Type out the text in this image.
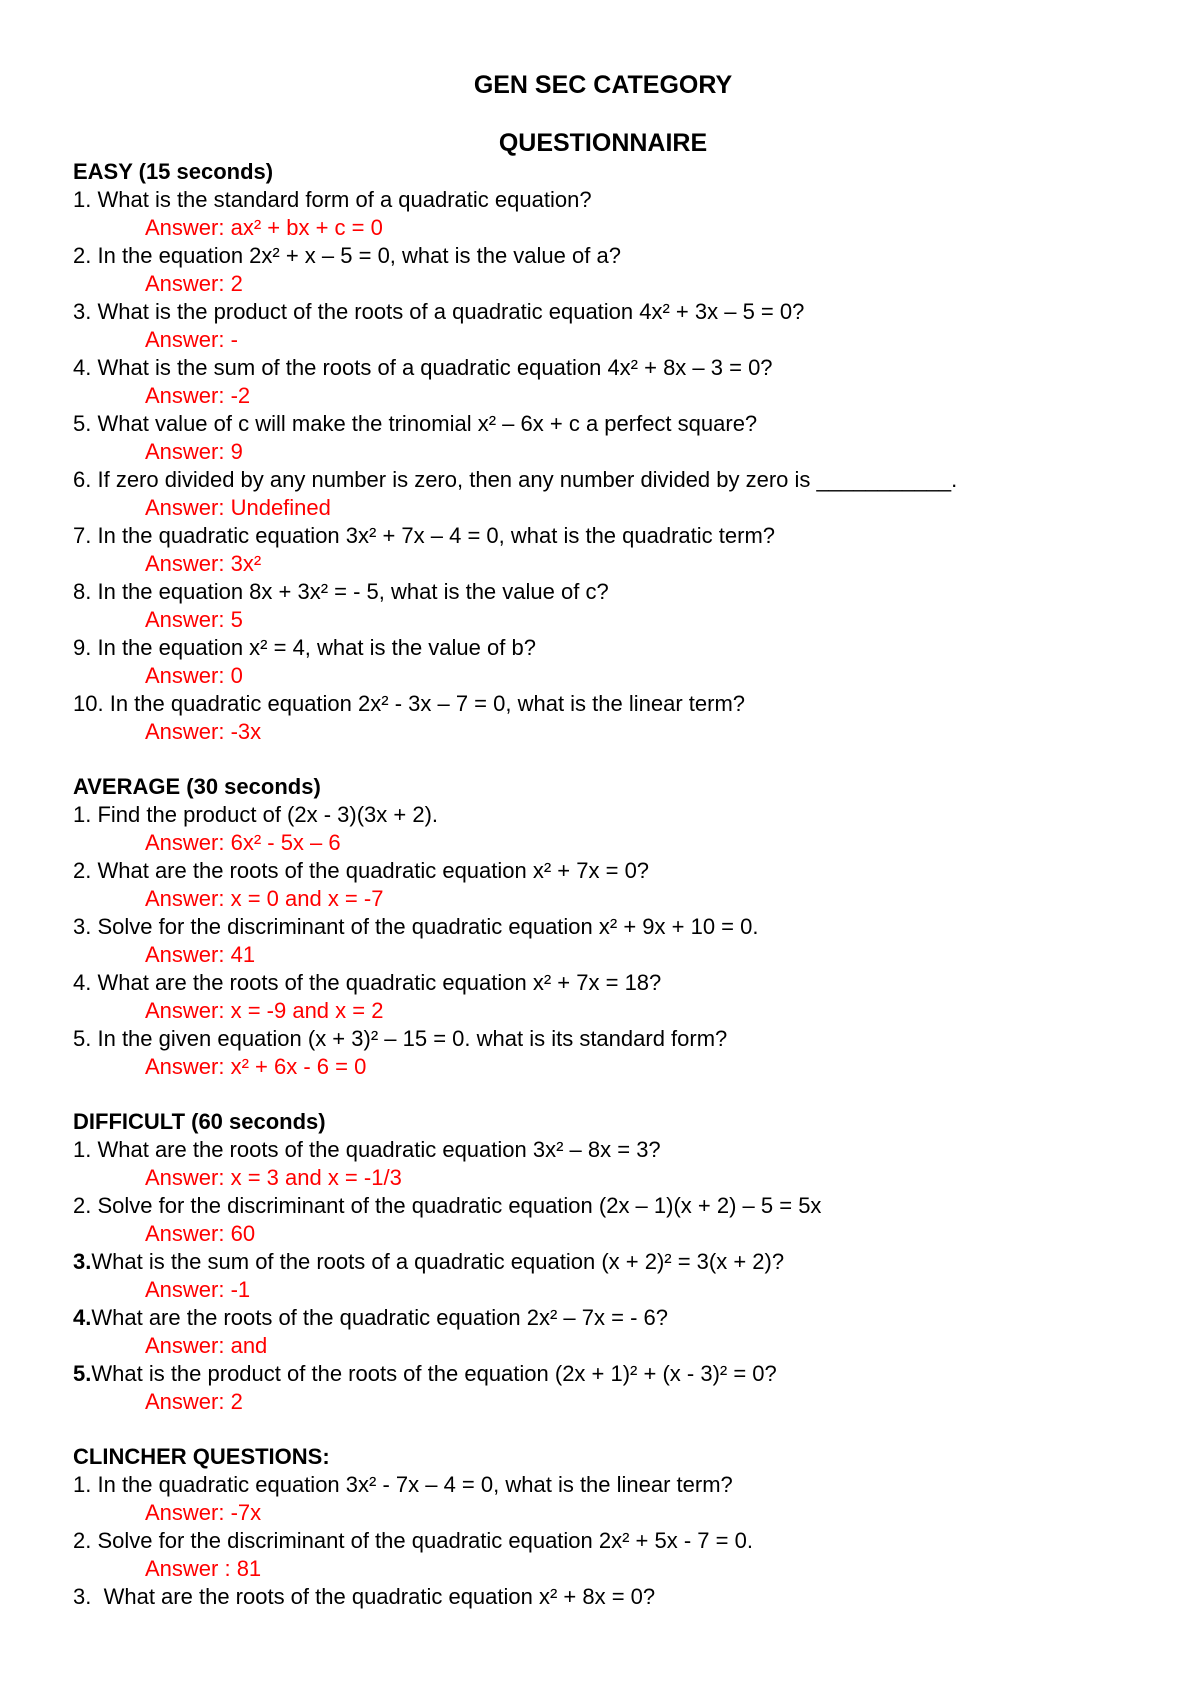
GEN SEC CATEGORY
QUESTIONNAIRE
EASY (15 seconds)
1. What is the standard form of a quadratic equation?
Answer: ax² + bx + c = 0
2. In the equation 2x² + x – 5 = 0, what is the value of a?
Answer: 2
3. What is the product of the roots of a quadratic equation 4x² + 3x – 5 = 0?
Answer: -
4. What is the sum of the roots of a quadratic equation 4x² + 8x – 3 = 0?
Answer: -2
5. What value of c will make the trinomial x² – 6x + c a perfect square?
Answer: 9
6. If zero divided by any number is zero, then any number divided by zero is ___________.
Answer: Undefined
7. In the quadratic equation 3x² + 7x – 4 = 0, what is the quadratic term?
Answer: 3x²
8. In the equation 8x + 3x² = - 5, what is the value of c?
Answer: 5
9. In the equation x² = 4, what is the value of b?
Answer: 0
10. In the quadratic equation 2x² - 3x – 7 = 0, what is the linear term?
Answer: -3x
AVERAGE (30 seconds)
1. Find the product of (2x - 3)(3x + 2).
Answer: 6x² - 5x – 6
2. What are the roots of the quadratic equation x² + 7x = 0?
Answer: x = 0 and x = -7
3. Solve for the discriminant of the quadratic equation x² + 9x + 10 = 0.
Answer: 41
4. What are the roots of the quadratic equation x² + 7x = 18?
Answer: x = -9 and x = 2
5. In the given equation (x + 3)² – 15 = 0. what is its standard form?
Answer: x² + 6x - 6 = 0
DIFFICULT (60 seconds)
1. What are the roots of the quadratic equation 3x² – 8x = 3?
Answer: x = 3 and x = -1/3
2. Solve for the discriminant of the quadratic equation (2x – 1)(x + 2) – 5 = 5x
Answer: 60
3.What is the sum of the roots of a quadratic equation (x + 2)² = 3(x + 2)?
Answer: -1
4.What are the roots of the quadratic equation 2x² – 7x = - 6?
Answer: and
5.What is the product of the roots of the equation (2x + 1)² + (x - 3)² = 0?
Answer: 2
CLINCHER QUESTIONS:
1. In the quadratic equation 3x² - 7x – 4 = 0, what is the linear term?
Answer: -7x
2. Solve for the discriminant of the quadratic equation 2x² + 5x - 7 = 0.
Answer : 81
3.  What are the roots of the quadratic equation x² + 8x = 0?
